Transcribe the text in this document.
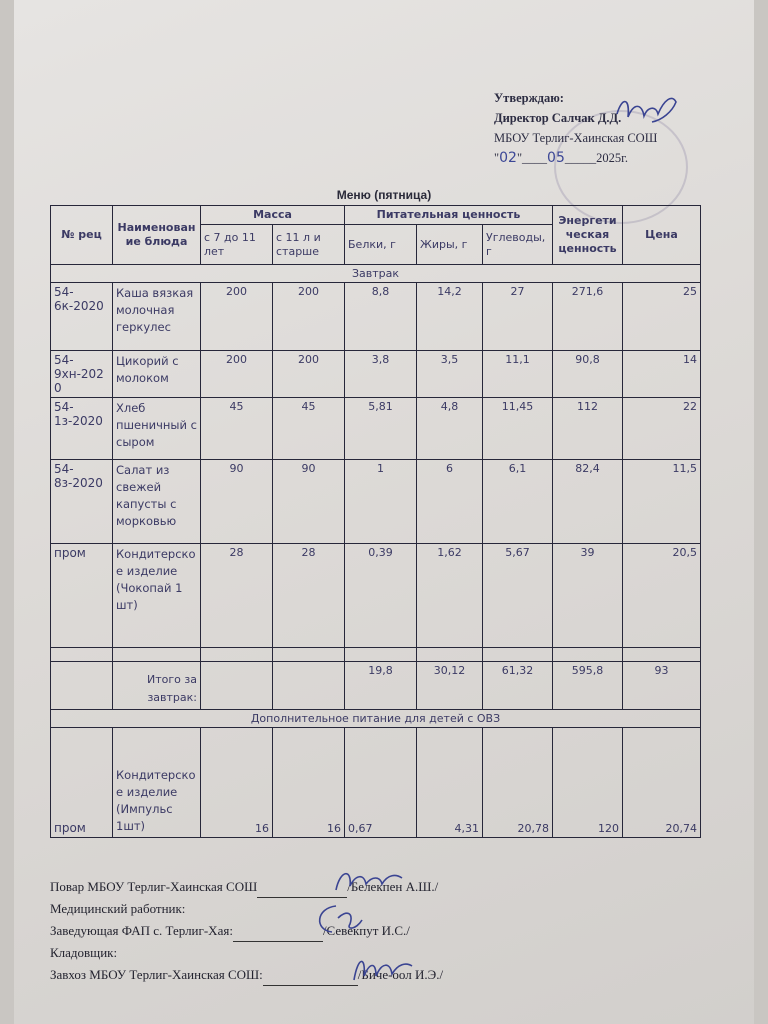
Утверждаю:
Директор Салчак Д.Д.
МБОУ Терлиг-Хаинская СОШ
"02"____05_____2025г.
Меню (пятница)
№ рец	Наименование блюда	Масса		Питательная ценность			Энергетическая ценность	Цена
		с 7 до 11 лет	с 11 л и старше	Белки, г	Жиры, г	Углеводы, г		
Завтрак								
54-6к-2020	Каша вязкая молочная геркулес	200	200	8,8	14,2	27	271,6	25
54-9хн-2020	Цикорий с молоком	200	200	3,8	3,5	11,1	90,8	14
54-1з-2020	Хлеб пшеничный с сыром	45	45	5,81	4,8	11,45	112	22
54-8з-2020	Салат из свежей капусты с морковью	90	90	1	6	6,1	82,4	11,5
пром	Кондитерское изделие (Чокопай 1 шт)	28	28	0,39	1,62	5,67	39	20,5

	Итого за завтрак:			19,8	30,12	61,32	595,8	93
Дополнительное питание для детей с ОВЗ								
пром	Кондитерское изделие (Импульс 1шт)	16	16	0,67	4,31	20,78	120	20,74
Повар МБОУ Терлиг-Хаинская СОШ	/Белекпен А.Ш./
Медицинский работник:
Заведующая ФАП с. Терлиг-Хая:	/Севекпут И.С./
Кладовщик:
Завхоз МБОУ Терлиг-Хаинская СОШ:	/Биче-оол И.Э./
